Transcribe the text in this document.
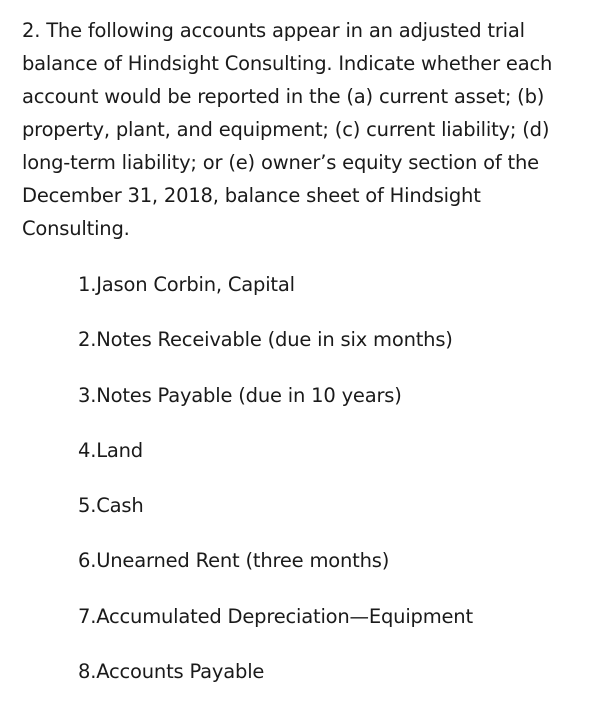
2. The following accounts appear in an adjusted trial balance of Hindsight Consulting. Indicate whether each account would be reported in the (a) current asset; (b) property, plant, and equipment; (c) current liability; (d) long-term liability; or (e) owner’s equity section of the December 31, 2018, balance sheet of Hindsight Consulting.

1.Jason Corbin, Capital
2.Notes Receivable (due in six months)
3.Notes Payable (due in 10 years)
4.Land
5.Cash
6.Unearned Rent (three months)
7.Accumulated Depreciation—Equipment
8.Accounts Payable
